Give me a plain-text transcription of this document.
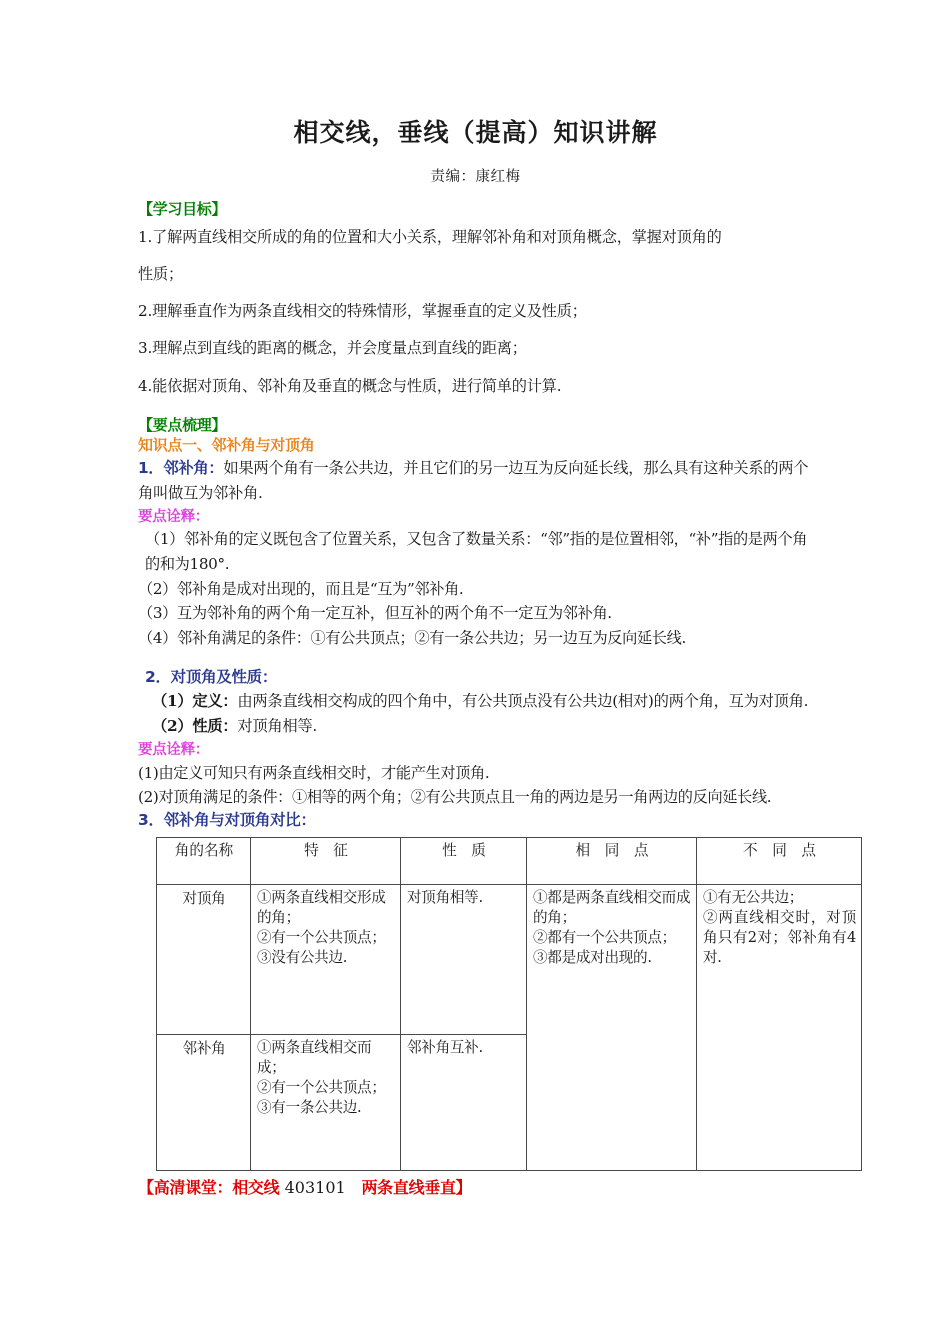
相交线，垂线（提高）知识讲解
责编：康红梅
【学习目标】
1.了解两直线相交所成的角的位置和大小关系，理解邻补角和对顶角概念，掌握对顶角的
性质；
2.理解垂直作为两条直线相交的特殊情形，掌握垂直的定义及性质；
3.理解点到直线的距离的概念，并会度量点到直线的距离；
4.能依据对顶角、邻补角及垂直的概念与性质，进行简单的计算.
【要点梳理】
知识点一、邻补角与对顶角
1．邻补角：如果两个角有一条公共边，并且它们的另一边互为反向延长线，那么具有这种关系的两个角叫做互为邻补角.
要点诠释：
（1）邻补角的定义既包含了位置关系，又包含了数量关系：“邻”指的是位置相邻，“补”指的是两个角的和为180°.
（2）邻补角是成对出现的，而且是“互为”邻补角.
（3）互为邻补角的两个角一定互补，但互补的两个角不一定互为邻补角.
（4）邻补角满足的条件：①有公共顶点；②有一条公共边；另一边互为反向延长线.
2．对顶角及性质：
（1）定义：由两条直线相交构成的四个角中，有公共顶点没有公共边(相对)的两个角，互为对顶角.
（2）性质：对顶角相等.
要点诠释：
(1)由定义可知只有两条直线相交时，才能产生对顶角.
(2)对顶角满足的条件：①相等的两个角；②有公共顶点且一角的两边是另一角两边的反向延长线.
3．邻补角与对顶角对比：
角的名称	特　征	性　质	相　同　点	不　同　点
对顶角	①两条直线相交形成的角；
②有一个公共顶点；
③没有公共边.	对顶角相等.	①都是两条直线相交而成的角；
②都有一个公共顶点；
③都是成对出现的.	①有无公共边；
②两直线相交时，对顶角只有2对；邻补角有4对.

邻补角	①两条直线相交而成；
②有一个公共顶点；
③有一条公共边.	邻补角互补.		
【高清课堂：相交线 403101 两条直线垂直】
